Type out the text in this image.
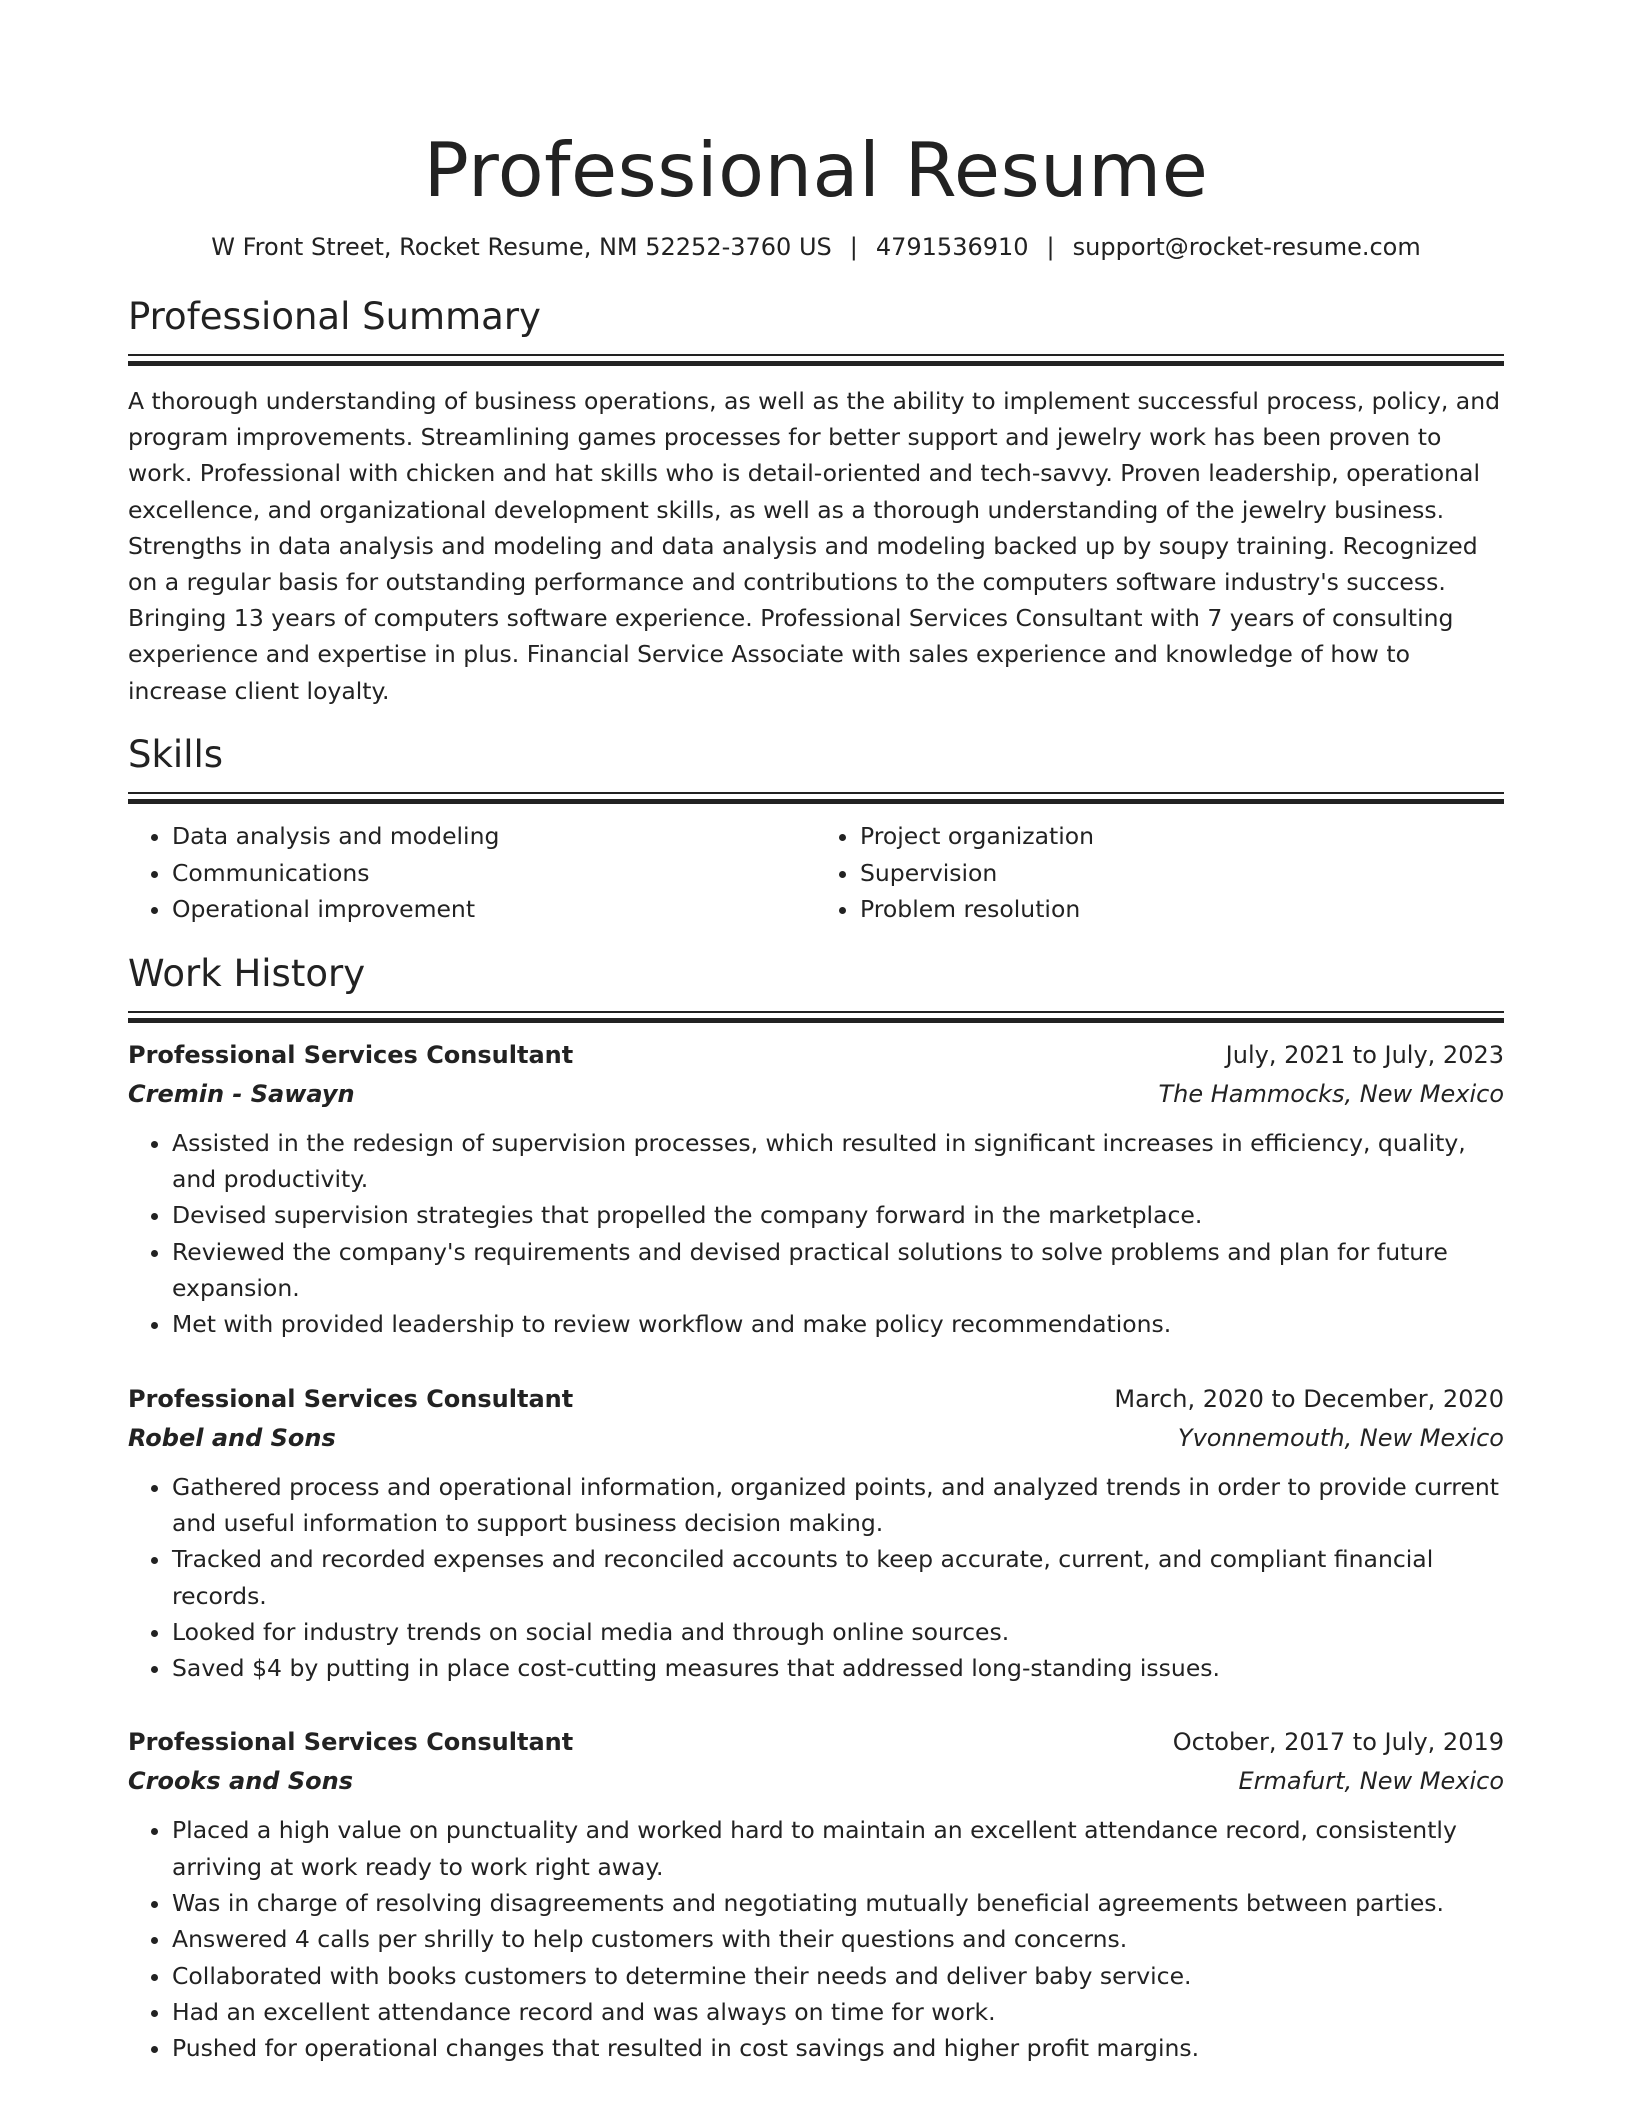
Professional Resume
W Front Street, Rocket Resume, NM 52252-3760 US | 4791536910 | support@rocket-resume.com
Professional Summary

A thorough understanding of business operations, as well as the ability to implement successful process, policy, and program improvements. Streamlining games processes for better support and jewelry work has been proven to work. Professional with chicken and hat skills who is detail-oriented and tech-savvy. Proven leadership, operational excellence, and organizational development skills, as well as a thorough understanding of the jewelry business. Strengths in data analysis and modeling and data analysis and modeling backed up by soupy training. Recognized on a regular basis for outstanding performance and contributions to the computers software industry's success. Bringing 13 years of computers software experience. Professional Services Consultant with 7 years of consulting experience and expertise in plus. Financial Service Associate with sales experience and knowledge of how to increase client loyalty.

Skills
• Data analysis and modeling
• Communications
• Operational improvement
• Project organization
• Supervision
• Problem resolution
Work History
Professional Services Consultant	July, 2021 to July, 2023
Cremin - Sawayn	The Hammocks, New Mexico
• Assisted in the redesign of supervision processes, which resulted in significant increases in efficiency, quality, and productivity.
• Devised supervision strategies that propelled the company forward in the marketplace.
• Reviewed the company's requirements and devised practical solutions to solve problems and plan for future expansion.
• Met with provided leadership to review workflow and make policy recommendations.
Professional Services Consultant	March, 2020 to December, 2020
Robel and Sons	Yvonnemouth, New Mexico
• Gathered process and operational information, organized points, and analyzed trends in order to provide current and useful information to support business decision making.
• Tracked and recorded expenses and reconciled accounts to keep accurate, current, and compliant financial records.
• Looked for industry trends on social media and through online sources.
• Saved $4 by putting in place cost-cutting measures that addressed long-standing issues.
Professional Services Consultant	October, 2017 to July, 2019
Crooks and Sons	Ermafurt, New Mexico
• Placed a high value on punctuality and worked hard to maintain an excellent attendance record, consistently arriving at work ready to work right away.
• Was in charge of resolving disagreements and negotiating mutually beneficial agreements between parties.
• Answered 4 calls per shrilly to help customers with their questions and concerns.
• Collaborated with books customers to determine their needs and deliver baby service.
• Had an excellent attendance record and was always on time for work.
• Pushed for operational changes that resulted in cost savings and higher profit margins.
